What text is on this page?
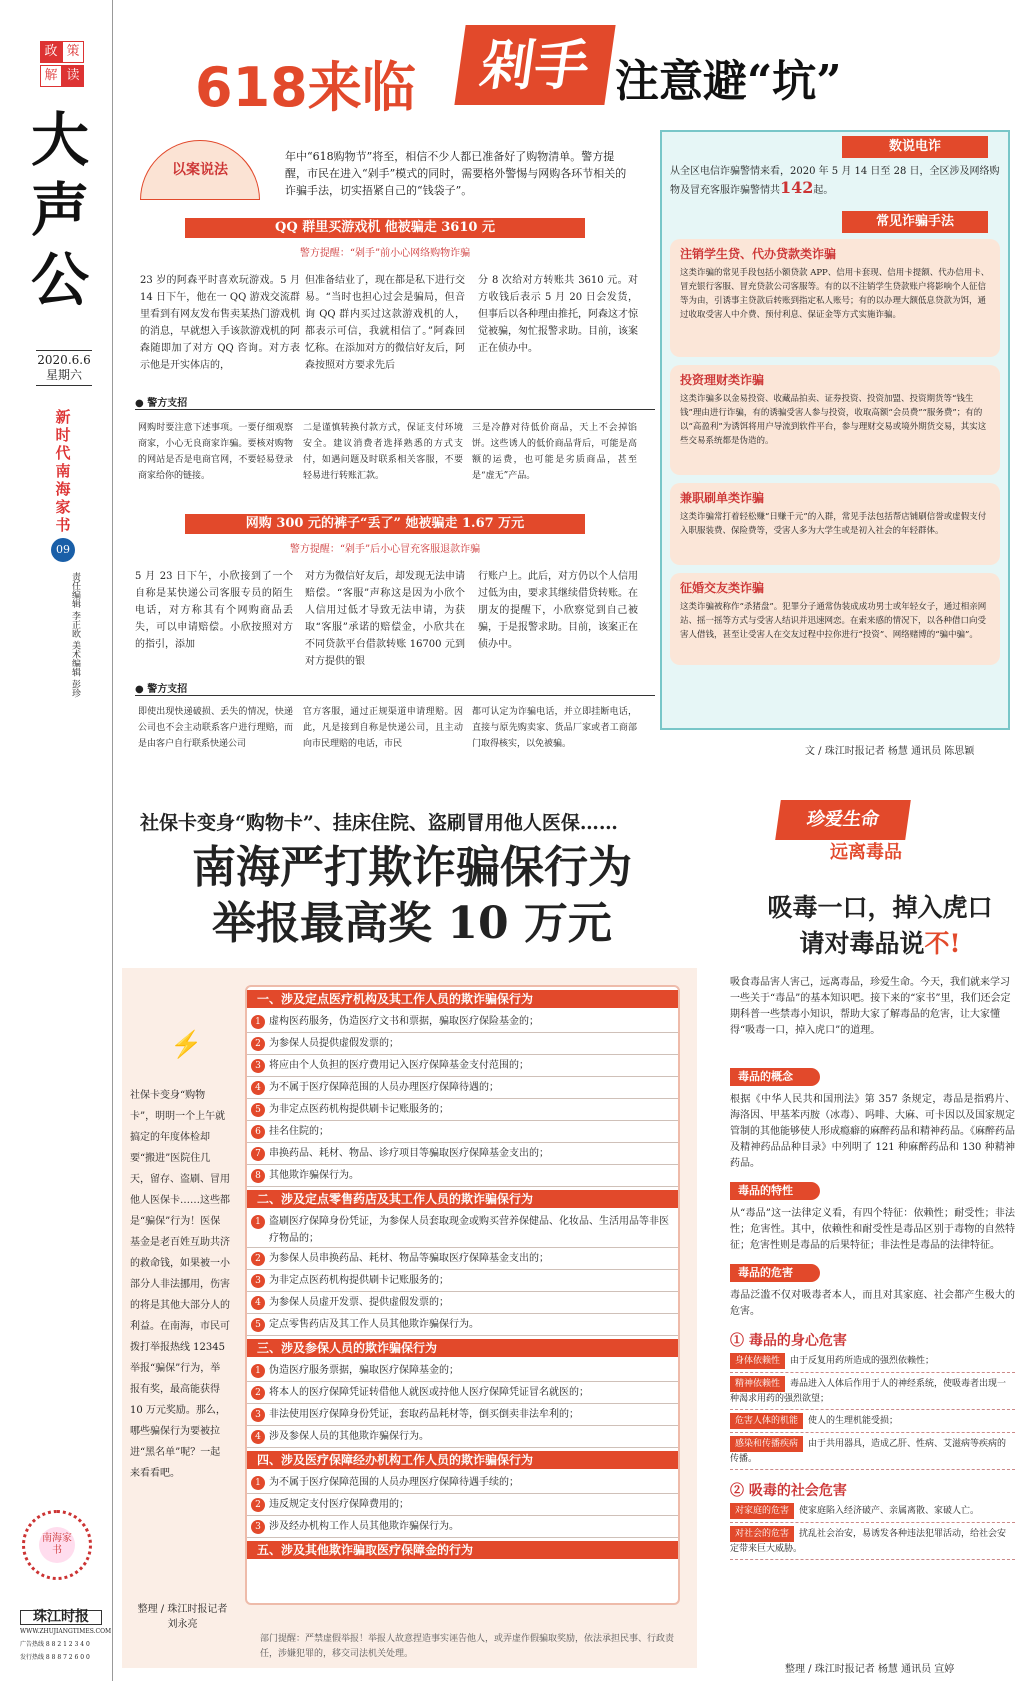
政 策解 读
大
声
公
2020.6.6
星期六
新时代南海家书
09
责任编辑 李正欧 美术编辑 彭珍
南海家书
珠江时报
WWW.ZHUJIANGTIMES.COM
广告热线 8 8 2 1 2 3 4 0
发行热线 8 8 8 7 2 6 0 0
618来临	剁手 注意避“坑”
以案说法
年中“618购物节”将至，相信不少人都已准备好了购物清单。警方提醒，市民在进入“剁手”模式的同时，需要格外警惕与网购各环节相关的诈骗手法，切实捂紧自己的“钱袋子”。
QQ 群里买游戏机 他被骗走 3610 元
警方提醒：“剁手”前小心网络购物诈骗
23 岁的阿森平时喜欢玩游戏。5 月 14 日下午，他在一 QQ 游戏交流群里看到有网友发布售卖某热门游戏机的消息，早就想入手该款游戏机的阿森随即加了对方 QQ 咨询。对方表示他是开实体店的，
但准备结业了，现在都是私下进行交易。“当时也担心过会是骗局，但音询 QQ 群内买过这款游戏机的人，都表示可信，我就相信了。”阿森回忆称。在添加对方的微信好友后，阿森按照对方要求先后
分 8 次给对方转账共 3610 元。对方收钱后表示 5 月 20 日会发货，但事后以各种理由推托，阿森这才惊觉被骗，匆忙报警求助。目前，该案正在侦办中。
● 警方支招
网购时要注意下述事项。一要仔细观察商家，小心无良商家诈骗。要核对购物的网站是否是电商官网，不要轻易登录商家给你的链接。
二是谨慎转换付款方式，保证支付环境安全。建议消费者选择熟悉的方式支付，如遇问题及时联系相关客服，不要轻易进行转账汇款。
三是冷静对待低价商品，天上不会掉馅饼。这些诱人的低价商品背后，可能是高额的运费，也可能是劣质商品，甚至是“虚无”产品。
网购 300 元的裤子“丢了” 她被骗走 1.67 万元
警方提醒：“剁手”后小心冒充客服退款诈骗
5 月 23 日下午，小欣接到了一个自称是某快递公司客服专员的陌生电话，对方称其有个网购商品丢失，可以申请赔偿。小欣按照对方的指引，添加
对方为微信好友后，却发现无法申请赔偿。“客服”声称这是因为小欣个人信用过低才导致无法申请，为获取“客服”承诺的赔偿金，小欣共在不同贷款平台借款转账 16700 元到对方提供的银
行账户上。此后，对方仍以个人信用过低为由，要求其继续借贷转账。在朋友的提醒下，小欣察觉到自己被骗，于是报警求助。目前，该案正在侦办中。
● 警方支招
即使出现快递破损、丢失的情况，快递公司也不会主动联系客户进行理赔，而是由客户自行联系快递公司
官方客服，通过正规渠道申请理赔。因此，凡是接到自称是快递公司，且主动向市民理赔的电话，市民
都可认定为诈骗电话，并立即挂断电话，直接与原先购卖家、货品厂家或者工商部门取得核实，以免被骗。
数说电诈
从全区电信诈骗警情来看，2020 年 5 月 14 日至 28 日，全区涉及网络购物及冒充客服诈骗警情共142起。
常见诈骗手法
注销学生贷、代办贷款类诈骗

这类诈骗的常见手段包括小额贷款 APP、信用卡套现、信用卡提额、代办信用卡、冒充银行客服、冒充贷款公司客服等。有的以不注销学生贷款账户将影响个人征信等为由，引诱事主贷款后转账到指定私人账号；有的以办理大额低息贷款为饵，通过收取受害人中介费、预付利息、保证金等方式实施诈骗。

投资理财类诈骗

这类诈骗多以金易投资、收藏品拍卖、证券投资、投资加盟、投资期货等“钱生钱”理由进行诈骗，有的诱骗受害人参与投资，收取高额“会员费”“服务费”；有的以“高盈利”为诱饵将用户导流到软件平台，参与理财交易或境外期货交易，其实这些交易系统都是伪造的。

兼职刷单类诈骗

这类诈骗常打着轻松赚“日赚千元”的入群，常见手法包括帮店铺刷信誉或虚假支付入职服装费、保险费等，受害人多为大学生或是初入社会的年轻群体。

征婚交友类诈骗

这类诈骗被称作“杀猪盘”。犯罪分子通常伪装成成功男士或年轻女子，通过相亲网站、摇一摇等方式与受害人结识并迅速网恋。在索来感的情况下，以各种借口向受害人借钱，甚至让受害人在交友过程中拉你进行“投资”、网络赌博的“骗中骗”。

文 / 珠江时报记者 杨慧 通讯员 陈思颖
社保卡变身“购物卡”、挂床住院、盗刷冒用他人医保……
南海严打欺诈骗保行为
举报最高奖 10 万元
⚡
社保卡变身“购物卡”，明明一个上午就搞定的年度体检却要“搬进”医院住几天，留存、盗刷、冒用他人医保卡……这些都是“骗保”行为！医保基金是老百姓互助共济的救命钱，如果被一小部分人非法挪用，伤害的将是其他大部分人的利益。在南海，市民可拨打举报热线 12345 举报“骗保”行为，举报有奖，最高能获得 10 万元奖励。那么，哪些骗保行为要被拉进“黑名单”呢？一起来看看吧。
整理 / 珠江时报记者
刘永亮
一、涉及定点医疗机构及其工作人员的欺诈骗保行为
1 虚构医药服务，伪造医疗文书和票据，骗取医疗保险基金的；
2 为参保人员提供虚假发票的；
3 将应由个人负担的医疗费用记入医疗保障基金支付范围的；
4 为不属于医疗保障范围的人员办理医疗保障待遇的；
5 为非定点医药机构提供刷卡记账服务的；
6 挂名住院的；
7 串换药品、耗材、物品、诊疗项目等骗取医疗保障基金支出的；
8 其他欺诈骗保行为。
二、涉及定点零售药店及其工作人员的欺诈骗保行为
1 盗刷医疗保障身份凭证，为参保人员套取现金或购买营养保健品、化妆品、生活用品等非医疗物品的；
2 为参保人员串换药品、耗材、物品等骗取医疗保障基金支出的；
3 为非定点医药机构提供刷卡记账服务的；
4 为参保人员虚开发票、提供虚假发票的；
5 定点零售药店及其工作人员其他欺诈骗保行为。
三、涉及参保人员的欺诈骗保行为
1 伪造医疗服务票据，骗取医疗保障基金的；
2 将本人的医疗保障凭证转借他人就医或持他人医疗保障凭证冒名就医的；
3 非法使用医疗保障身份凭证，套取药品耗材等，倒买倒卖非法牟利的；
4 涉及参保人员的其他欺诈骗保行为。
四、涉及医疗保障经办机构工作人员的欺诈骗保行为
1 为不属于医疗保障范围的人员办理医疗保障待遇手续的；
2 违反规定支付医疗保障费用的；
3 涉及经办机构工作人员其他欺诈骗保行为。
五、涉及其他欺诈骗取医疗保障金的行为
部门提醒：严禁虚假举报！举报人故意捏造事实诬告他人，或弄虚作假骗取奖励，依法承担民事、行政责任，涉嫌犯罪的，移交司法机关处理。
珍爱生命
远离毒品
吸毒一口，掉入虎口
请对毒品说不!
吸食毒品害人害己，远离毒品，珍爱生命。今天，我们就来学习一些关于“毒品”的基本知识吧。接下来的“家书”里，我们还会定期科普一些禁毒小知识，帮助大家了解毒品的危害，让大家懂得“吸毒一口，掉入虎口”的道理。
毒品的概念
根据《中华人民共和国刑法》第 357 条规定，毒品是指鸦片、海洛因、甲基苯丙胺（冰毒）、吗啡、大麻、可卡因以及国家规定管制的其他能够使人形成瘾癖的麻醉药品和精神药品。《麻醉药品及精神药品品种目录》中列明了 121 种麻醉药品和 130 种精神药品。
毒品的特性
从“毒品”这一法律定义看，有四个特征：依赖性；耐受性；非法性；危害性。其中，依赖性和耐受性是毒品区别于毒物的自然特征；危害性则是毒品的后果特征；非法性是毒品的法律特征。
毒品的危害
毒品泛滥不仅对吸毒者本人，而且对其家庭、社会都产生极大的危害。
① 毒品的身心危害
身体依赖性 由于反复用药所造成的强烈依赖性；
精神依赖性 毒品进入人体后作用于人的神经系统，使吸毒者出现一种渴求用药的强烈欲望；
危害人体的机能 使人的生理机能受损；
感染和传播疾病 由于共用器具，造成乙肝、性病、艾滋病等疾病的传播。
② 吸毒的社会危害
对家庭的危害 使家庭陷入经济破产、亲属离散、家破人亡。
对社会的危害 扰乱社会治安，易诱发各种违法犯罪活动，给社会安定带来巨大威胁。
整理 / 珠江时报记者 杨慧 通讯员 宣婷
